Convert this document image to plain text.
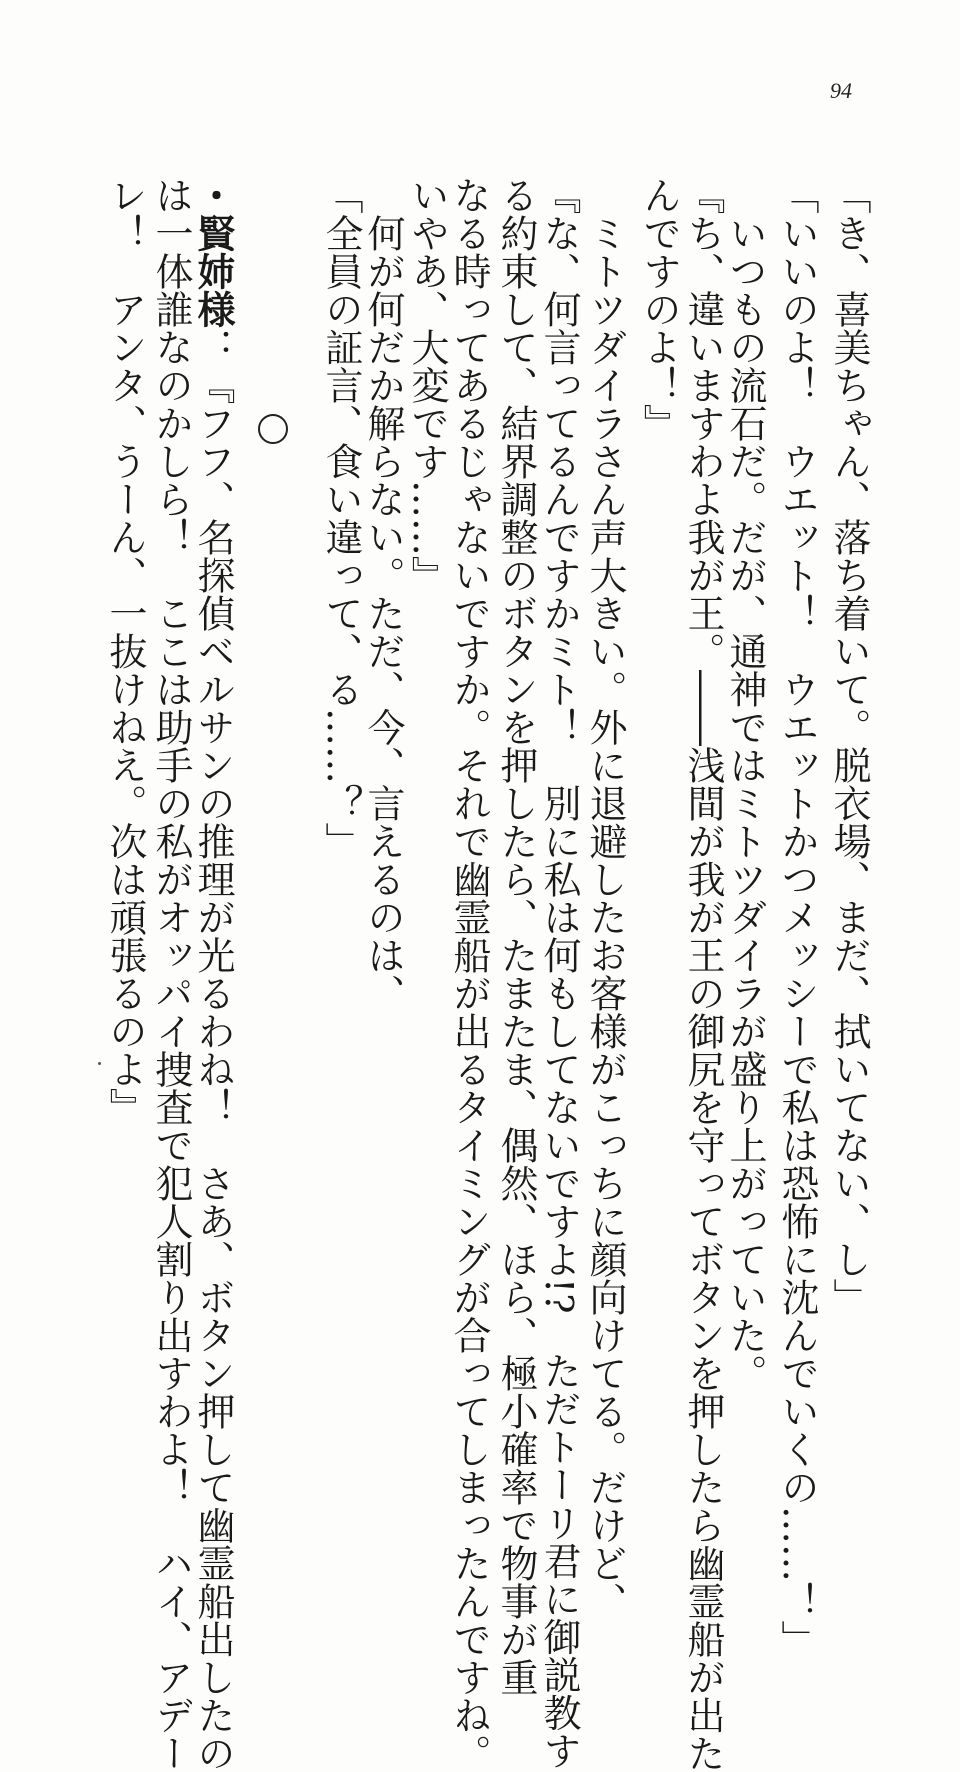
94
「き、喜美ちゃん、落ち着いて。脱衣場、まだ、拭いてない、し」
「いいのよ！　ウエット！　ウエットかつメッシーで私は恐怖に沈んでいくの……！」
いつもの流石だ。だが、通神ではミトツダイラが盛り上がっていた。
『ち、違いますわよ我が王。――浅間が我が王の御尻を守ってボタンを押したら幽霊船が出た
んですのよ！』
ミトツダイラさん声大きい。外に退避したお客様がこっちに顔向けてる。だけど、
『な、何言ってるんですかミト！　別に私は何もしてないですよ!?　ただトーリ君に御説教す
る約束して、結界調整のボタンを押したら、たまたま、偶然、ほら、極小確率で物事が重
なる時ってあるじゃないですか。それで幽霊船が出るタイミングが合ってしまったんですね。
いやあ、大変です……』
何が何だか解らない。ただ、今、言えるのは、
「全員の証言、食い違って、る……？」
・賢姉様：『フフ、名探偵ベルサンの推理が光るわね！　さあ、ボタン押して幽霊船出したの
は一体誰なのかしら！　ここは助手の私がオッパイ捜査で犯人割り出すわよ！　ハイ、アデー
レ！　アンタ、うーん、一抜けねえ。次は頑張るのよ』
